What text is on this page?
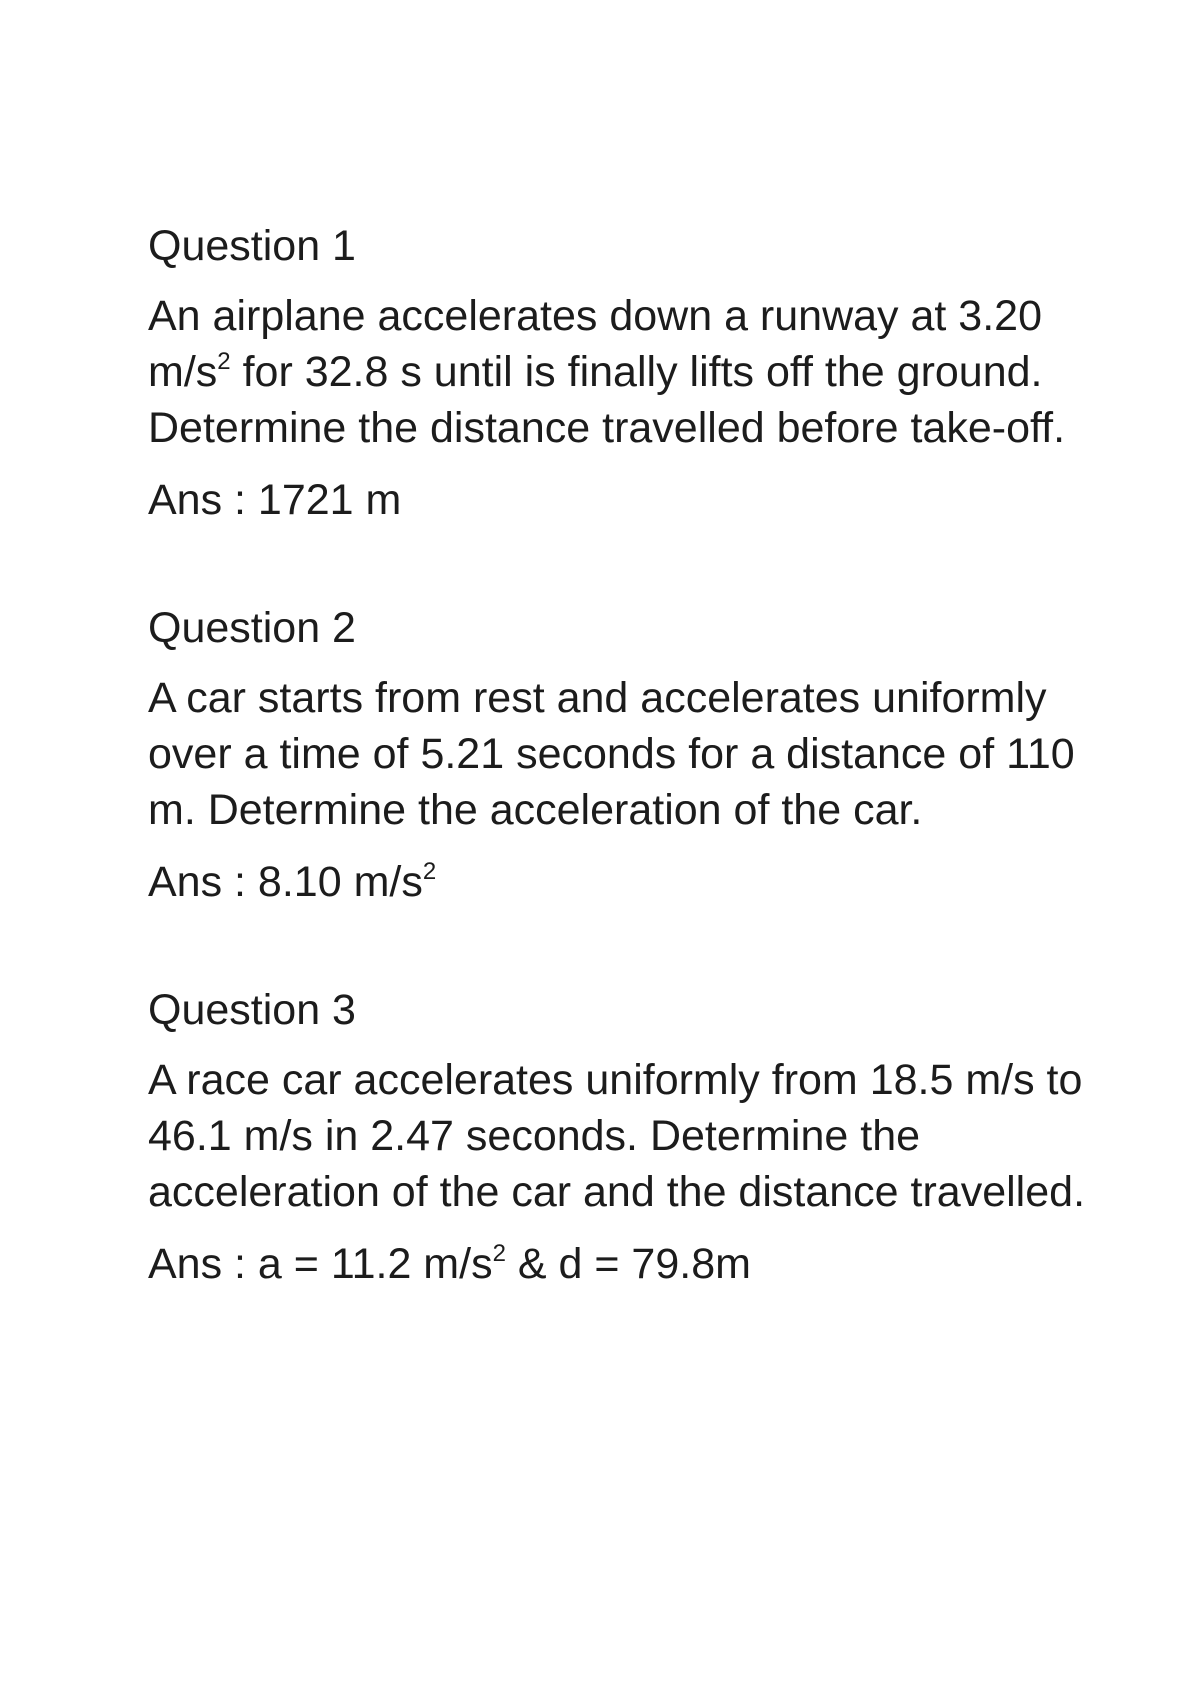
Question 1

An airplane accelerates down a runway at 3.20 $m/s^2$ for 32.8 s until is finally lifts off the ground. Determine the distance travelled before take-off.

Ans : 1721 m

Question 2

A car starts from rest and accelerates uniformly over a time of 5.21 seconds for a distance of 110 m. Determine the acceleration of the car.

Ans : 8.10 $m/s^2$

Question 3

A race car accelerates uniformly from 18.5 m/s to 46.1 m/s in 2.47 seconds. Determine the acceleration of the car and the distance travelled.

Ans : a = 11.2 $m/s^2$ & d = 79.8m
